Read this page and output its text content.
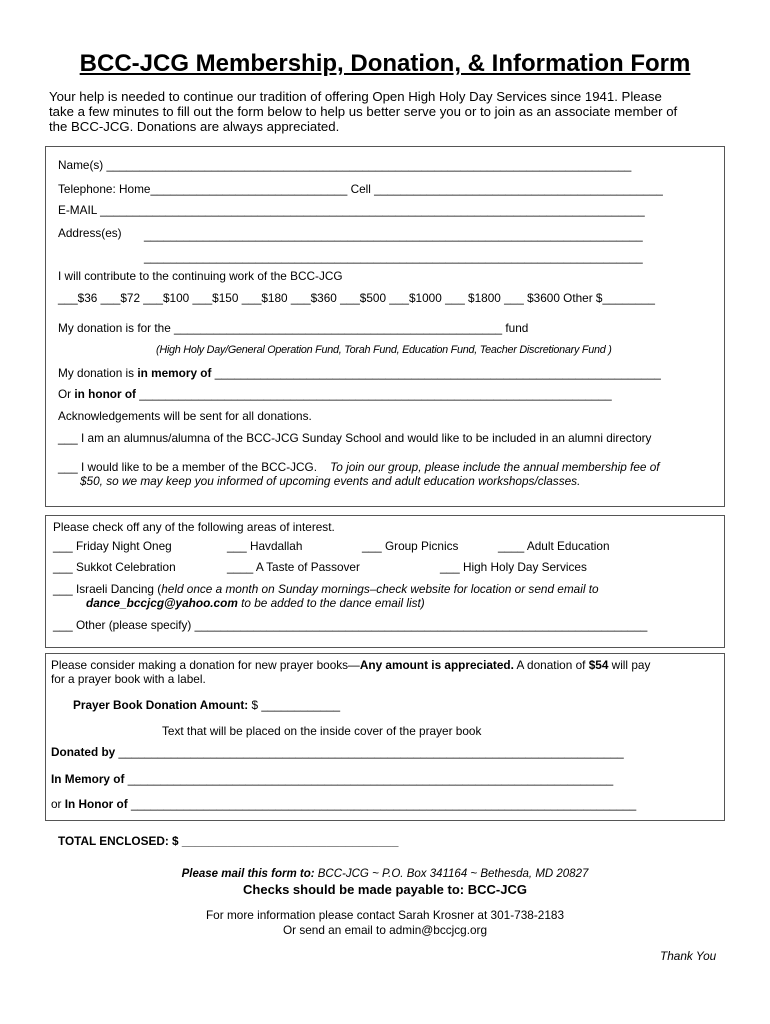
BCC-JCG Membership, Donation, & Information Form
Your help is needed to continue our tradition of offering Open High Holy Day Services since 1941. Please
take a few minutes to fill out the form below to help us better serve you or to join as an associate member of
the BCC-JCG. Donations are always appreciated.
Name(s) ________________________________________________________________________________
Telephone: Home______________________________ Cell ____________________________________________
E-MAIL ___________________________________________________________________________________
Address(es) ____________________________________________________________________________
____________________________________________________________________________
I will contribute to the continuing work of the BCC-JCG
___$36 ___$72 ___$100 ___$150 ___$180 ___$360 ___$500 ___$1000 ___ $1800 ___ $3600 Other $________
My donation is for the __________________________________________________ fund
(High Holy Day/General Operation Fund, Torah Fund, Education Fund, Teacher Discretionary Fund )
My donation is in memory of ____________________________________________________________________
Or in honor of ________________________________________________________________________
Acknowledgements will be sent for all donations.
___ I am an alumnus/alumna of the BCC-JCG Sunday School and would like to be included in an alumni directory
___ I would like to be a member of the BCC-JCG. To join our group, please include the annual membership fee of
$50, so we may keep you informed of upcoming events and adult education workshops/classes.
Please check off any of the following areas of interest.
___ Friday Night Oneg	___ Havdallah	___ Group Picnics	____ Adult Education
___ Sukkot Celebration	____ A Taste of Passover	___ High Holy Day Services
___ Israeli Dancing (held once a month on Sunday mornings–check website for location or send email to
dance_bccjcg@yahoo.com to be added to the dance email list)
___ Other (please specify) _____________________________________________________________________
Please consider making a donation for new prayer books—Any amount is appreciated. A donation of $54 will pay
for a prayer book with a label.
Prayer Book Donation Amount: $ ____________
Text that will be placed on the inside cover of the prayer book
Donated by _____________________________________________________________________________
In Memory of __________________________________________________________________________
or In Honor of _____________________________________________________________________________
TOTAL ENCLOSED: $ _________________________________
Please mail this form to: BCC-JCG ~ P.O. Box 341164 ~ Bethesda, MD 20827
Checks should be made payable to: BCC-JCG
For more information please contact Sarah Krosner at 301-738-2183
Or send an email to admin@bccjcg.org
Thank You
